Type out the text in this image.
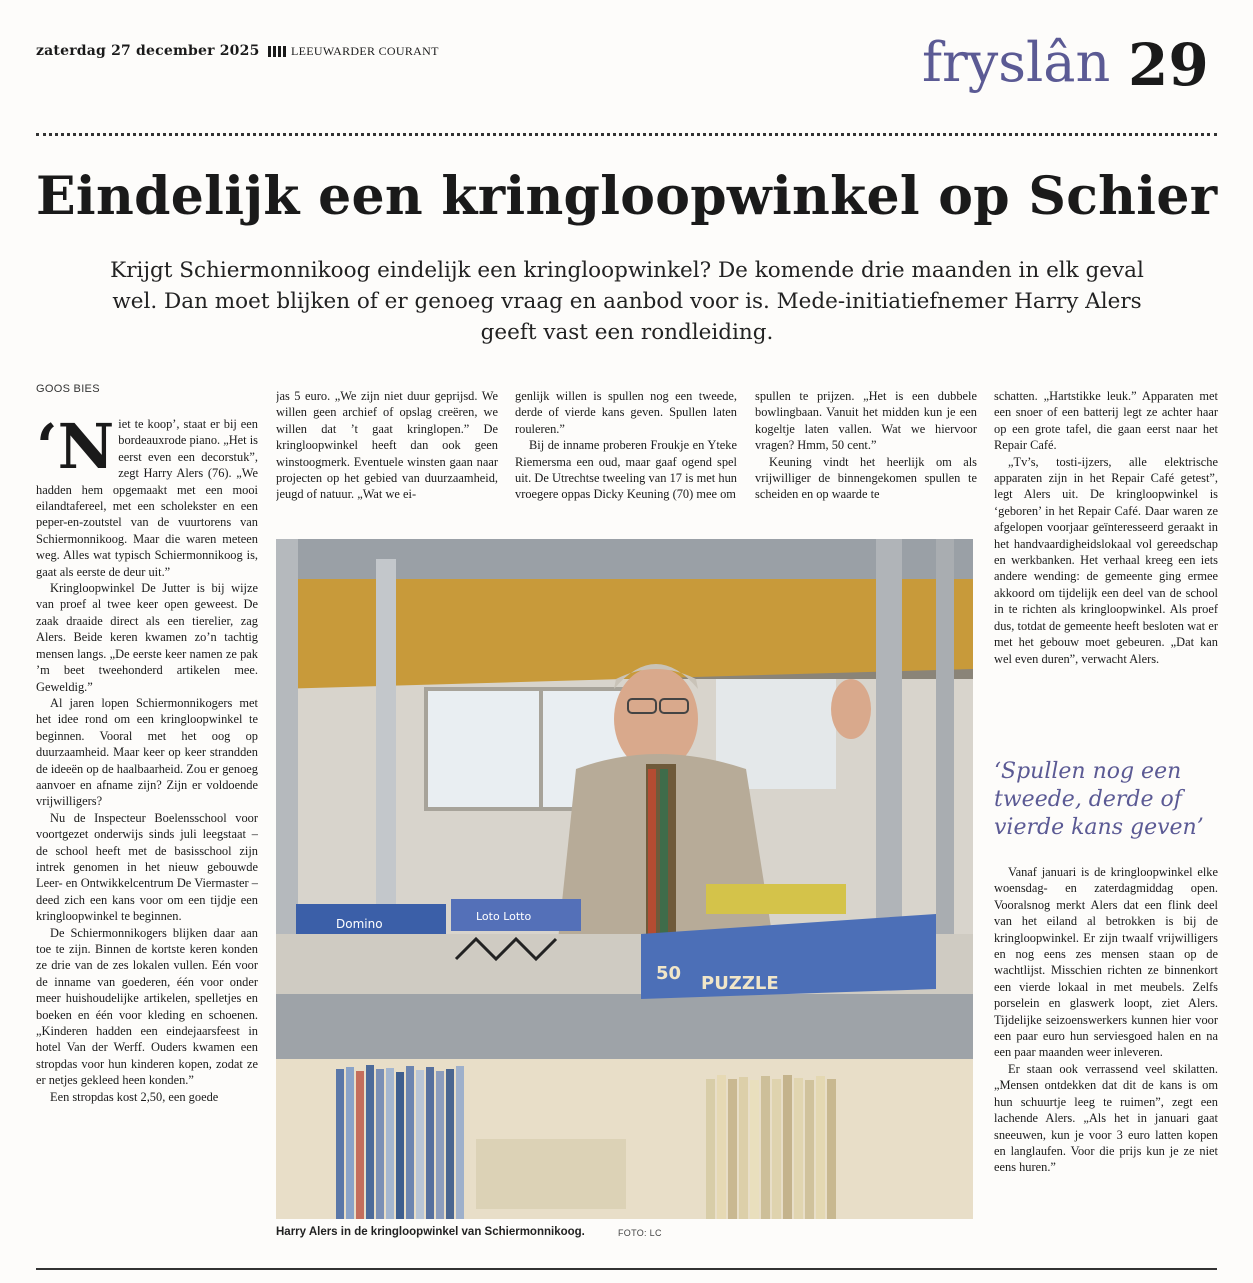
zaterdag 27 december 2025	LEEUWARDER COURANT	fryslân 29
Eindelijk een kringloopwinkel op Schier

Krijgt Schiermonnikoog eindelijk een kringloopwinkel? De komende drie maanden in elk geval wel. Dan moet blijken of er genoeg vraag en aanbod voor is. Mede-initiatiefnemer Harry Alers geeft vast een rondleiding.

GOOS BIES
‘N iet te koop’, staat er bij een bordeauxrode piano. „Het is eerst even een decorstuk”, zegt Harry Alers (76). „We hadden hem opgemaakt met een mooi eilandtafereel, met een scholekster en een peper-en-zoutstel van de vuurtorens van Schiermonnikoog. Maar die waren meteen weg. Alles wat typisch Schiermonnikoog is, gaat als eerste de deur uit.”

Kringloopwinkel De Jutter is bij wijze van proef al twee keer open geweest. De zaak draaide direct als een tierelier, zag Alers. Beide keren kwamen zo’n tachtig mensen langs. „De eerste keer namen ze pak ’m beet tweehonderd artikelen mee. Geweldig.”

Al jaren lopen Schiermonnikogers met het idee rond om een kringloopwinkel te beginnen. Vooral met het oog op duurzaamheid. Maar keer op keer strandden de ideeën op de haalbaarheid. Zou er genoeg aanvoer en afname zijn? Zijn er voldoende vrijwilligers?

Nu de Inspecteur Boelensschool voor voortgezet onderwijs sinds juli leegstaat – de school heeft met de basisschool zijn intrek genomen in het nieuw gebouwde Leer- en Ontwikkelcentrum De Viermaster – deed zich een kans voor om een tijdje een kringloopwinkel te beginnen.

De Schiermonnikogers blijken daar aan toe te zijn. Binnen de kortste keren konden ze drie van de zes lokalen vullen. Eén voor de inname van goederen, één voor onder meer huishoudelijke artikelen, spelletjes en boeken en één voor kleding en schoenen. „Kinderen hadden een eindejaarsfeest in hotel Van der Werff. Ouders kwamen een stropdas voor hun kinderen kopen, zodat ze er netjes gekleed heen konden.”

Een stropdas kost 2,50, een goede

jas 5 euro. „We zijn niet duur geprijsd. We willen geen archief of opslag creëren, we willen dat ’t gaat kringlopen.” De kringloopwinkel heeft dan ook geen winstoogmerk. Eventuele winsten gaan naar projecten op het gebied van duurzaamheid, jeugd of natuur. „Wat we ei-

genlijk willen is spullen nog een tweede, derde of vierde kans geven. Spullen laten rouleren.”

Bij de inname proberen Froukje en Yteke Riemersma een oud, maar gaaf ogend spel uit. De Utrechtse tweeling van 17 is met hun vroegere oppas Dicky Keuning (70) mee om

spullen te prijzen. „Het is een dubbele bowlingbaan. Vanuit het midden kun je een kogeltje laten vallen. Wat we hiervoor vragen? Hmm, 50 cent.”

Keuning vindt het heerlijk om als vrijwilliger de binnengekomen spullen te scheiden en op waarde te

schatten. „Hartstikke leuk.” Apparaten met een snoer of een batterij legt ze achter haar op een grote tafel, die gaan eerst naar het Repair Café.

„Tv’s, tosti-ijzers, alle elektrische apparaten zijn in het Repair Café getest”, legt Alers uit. De kringloopwinkel is ‘geboren’ in het Repair Café. Daar waren ze afgelopen voorjaar geïnteresseerd geraakt in het handvaardigheidslokaal vol gereedschap en werkbanken. Het verhaal kreeg een iets andere wending: de gemeente ging ermee akkoord om tijdelijk een deel van de school in te richten als kringloopwinkel. Als proef dus, totdat de gemeente heeft besloten wat er met het gebouw moet gebeuren. „Dat kan wel even duren”, verwacht Alers.

‘Spullen nog een tweede, derde of vierde kans geven’

Vanaf januari is de kringloopwinkel elke woensdag- en zaterdagmiddag open. Vooralsnog merkt Alers dat een flink deel van het eiland al betrokken is bij de kringloopwinkel. Er zijn twaalf vrijwilligers en nog eens zes mensen staan op de wachtlijst. Misschien richten ze binnenkort een vierde lokaal in met meubels. Zelfs porselein en glaswerk loopt, ziet Alers. Tijdelijke seizoenswerkers kunnen hier voor een paar euro hun serviesgoed halen en na een paar maanden weer inleveren.

Er staan ook verrassend veel skilatten. „Mensen ontdekken dat dit de kans is om hun schuurtje leeg te ruimen”, zegt een lachende Alers. „Als het in januari gaat sneeuwen, kun je voor 3 euro latten kopen en langlaufen. Voor die prijs kun je ze niet eens huren.”

Domino
Loto Lotto
50 PUZZLE
Harry Alers in de kringloopwinkel van Schiermonnikoog.	FOTO: LC
